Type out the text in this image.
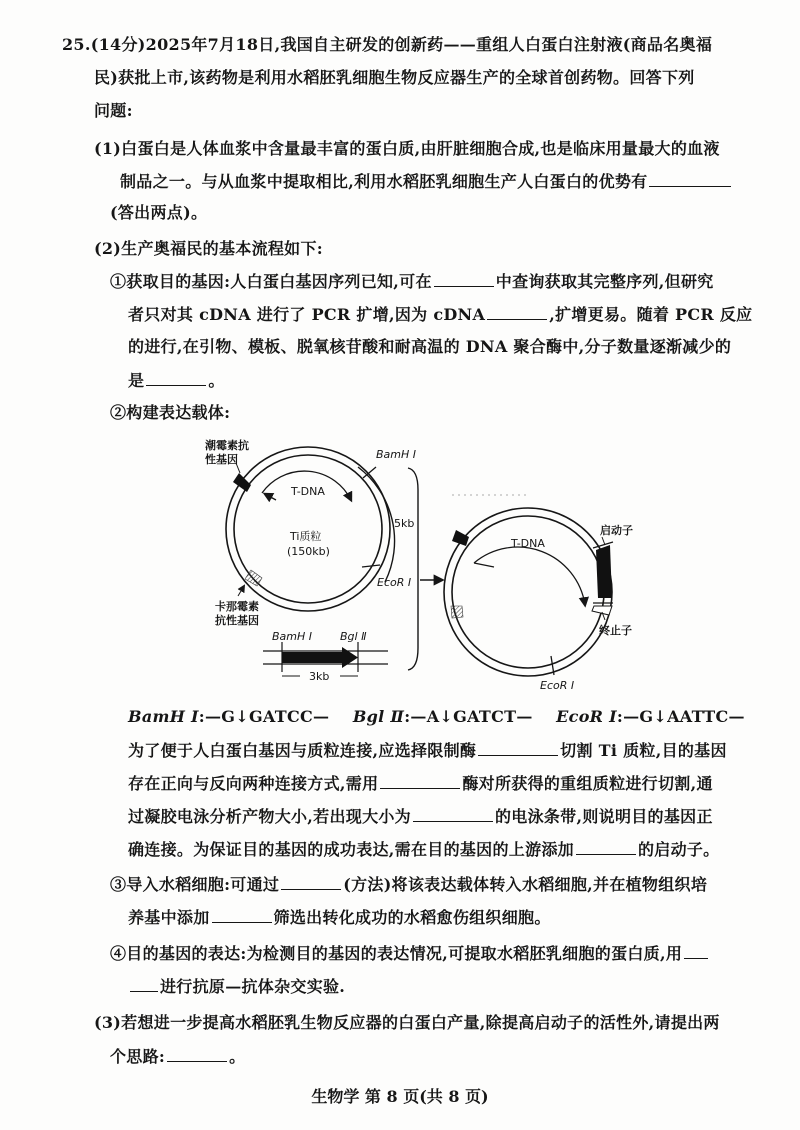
25.(14分)2025年7月18日,我国自主研发的创新药——重组人白蛋白注射液(商品名奥福
民)获批上市,该药物是利用水稻胚乳细胞生物反应器生产的全球首创药物。回答下列
问题:
(1)白蛋白是人体血浆中含量最丰富的蛋白质,由肝脏细胞合成,也是临床用量最大的血液
制品之一。与从血浆中提取相比,利用水稻胚乳细胞生产人白蛋白的优势有
(答出两点)。
(2)生产奥福民的基本流程如下:
①获取目的基因:人白蛋白基因序列已知,可在	中查询获取其完整序列,但研究
者只对其 cDNA 进行了 PCR 扩增,因为 cDNA	,扩增更易。随着 PCR 反应
的进行,在引物、模板、脱氧核苷酸和耐高温的 DNA 聚合酶中,分子数量逐渐减少的
是	。
②构建表达载体:
潮霉素抗
性基因	BamH Ⅰ
T-DNA
Ti质粒
(150kb)
5kb
EcoR Ⅰ
卡那霉素
抗性基因
BamH Ⅰ	Bgl Ⅱ
3kb
T-DNA
启动子
终止子
EcoR Ⅰ
BamH Ⅰ:—G↓GATCC— Bgl Ⅱ:—A↓GATCT— EcoR Ⅰ:—G↓AATTC—
为了便于人白蛋白基因与质粒连接,应选择限制酶	切割 Ti 质粒,目的基因
存在正向与反向两种连接方式,需用	酶对所获得的重组质粒进行切割,通
过凝胶电泳分析产物大小,若出现大小为	的电泳条带,则说明目的基因正
确连接。为保证目的基因的成功表达,需在目的基因的上游添加	的启动子。
③导入水稻细胞:可通过	(方法)将该表达载体转入水稻细胞,并在植物组织培
养基中添加	筛选出转化成功的水稻愈伤组织细胞。
④目的基因的表达:为检测目的基因的表达情况,可提取水稻胚乳细胞的蛋白质,用
进行抗原—抗体杂交实验.
(3)若想进一步提高水稻胚乳生物反应器的白蛋白产量,除提高启动子的活性外,请提出两
个思路:	。
生物学 第 8 页(共 8 页)
